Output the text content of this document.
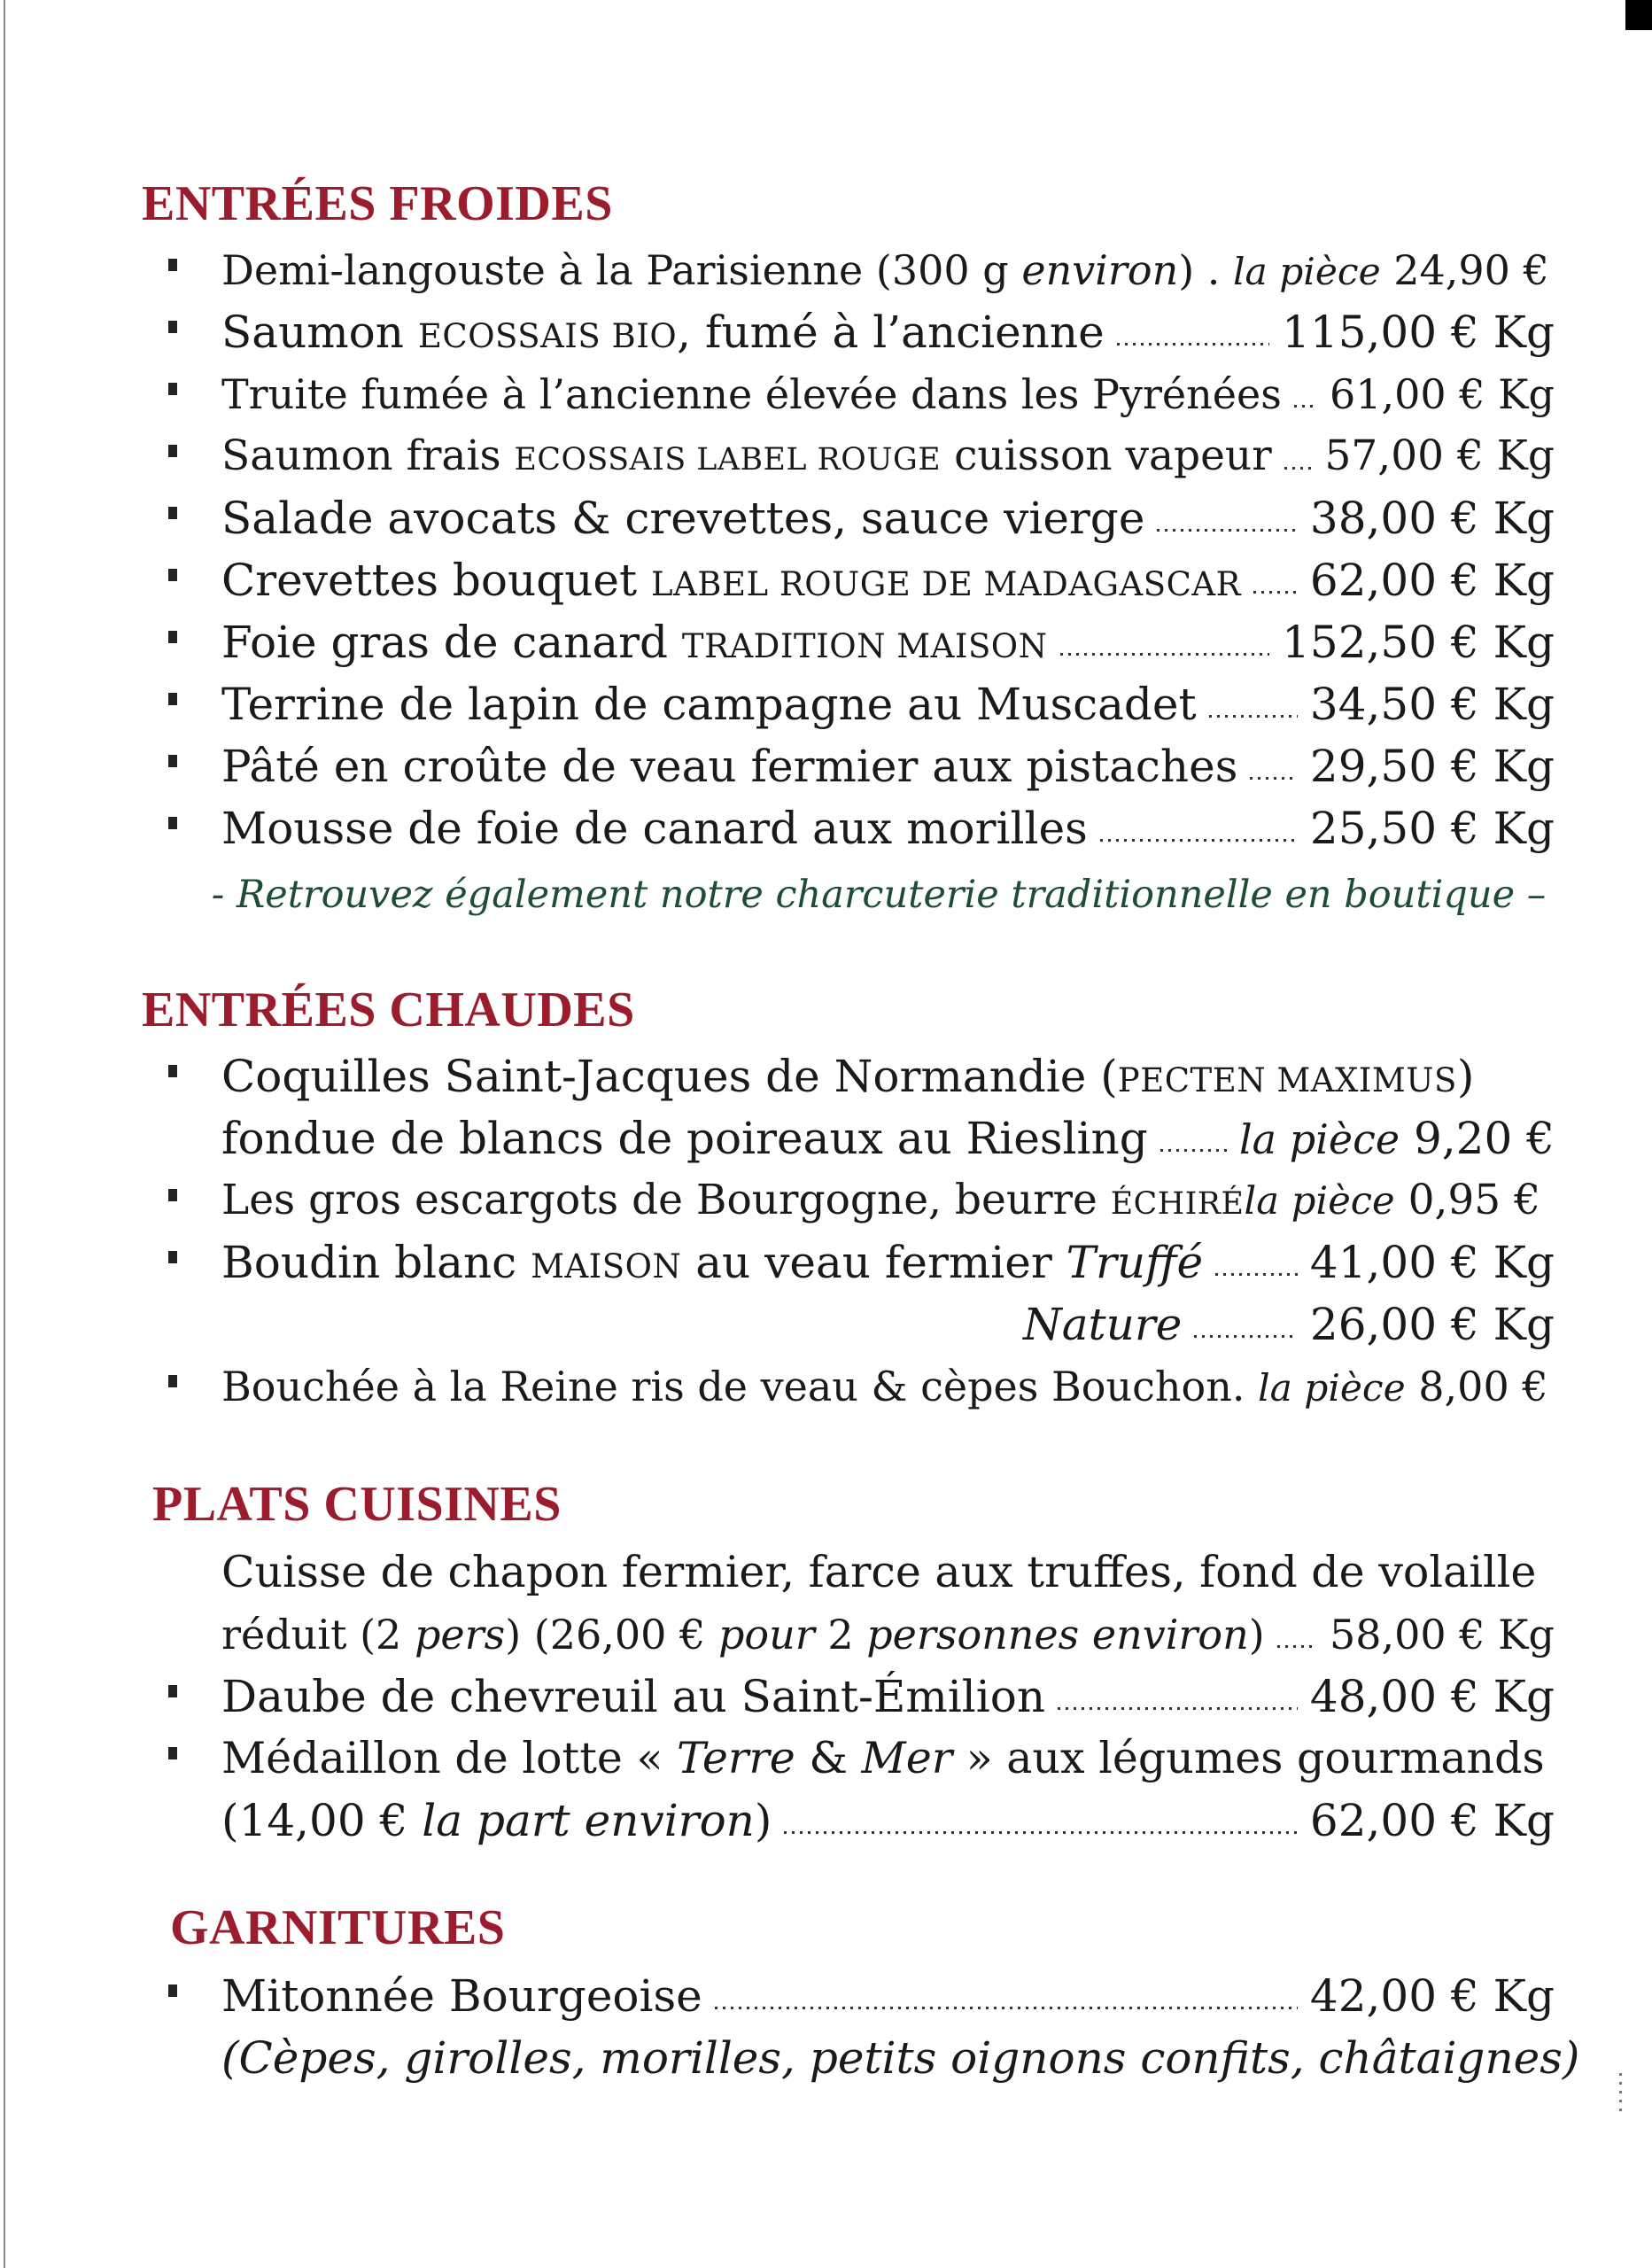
ENTRÉES FROIDES
Demi-langouste à la Parisienne (300 g environ ) . la pièce 24,90 €
Saumon ECOSSAIS BIO , fumé à l’ancienne	115,00 € Kg
Truite fumée à l’ancienne élevée dans les Pyrénées 61,00 € Kg
Saumon frais ECOSSAIS LABEL ROUGE cuisson vapeur 57,00 € Kg
Salade avocats & crevettes, sauce vierge	38,00 € Kg
Crevettes bouquet LABEL ROUGE DE MADAGASCAR 62,00 € Kg
Foie gras de canard TRADITION MAISON	152,50 € Kg
Terrine de lapin de campagne au Muscadet	34,50 € Kg
Pâté en croûte de veau fermier aux pistaches 29,50 € Kg
Mousse de foie de canard aux morilles	25,50 € Kg
- Retrouvez également notre charcuterie traditionnelle en boutique –
ENTRÉES CHAUDES
Coquilles Saint-Jacques de Normandie ( PECTEN MAXIMUS )
fondue de blancs de poireaux au Riesling la pièce 9,20 €
Les gros escargots de Bourgogne, beurre ÉCHIRÉ la pièce 0,95 €
Boudin blanc MAISON au veau fermier Truffé 41,00 € Kg
Nature	26,00 € Kg
Bouchée à la Reine ris de veau & cèpes Bouchon. la pièce 8,00 €
PLATS CUISINES
Cuisse de chapon fermier, farce aux truffes, fond de volaille
réduit (2 pers ) (26,00 € pour 2 personnes environ ) 58,00 € Kg
Daube de chevreuil au Saint-Émilion	48,00 € Kg
Médaillon de lotte « Terre & Mer » aux légumes gourmands
(14,00 € la part environ )	62,00 € Kg
GARNITURES
Mitonnée Bourgeoise	42,00 € Kg
(Cèpes, girolles, morilles, petits oignons confits, châtaignes)
